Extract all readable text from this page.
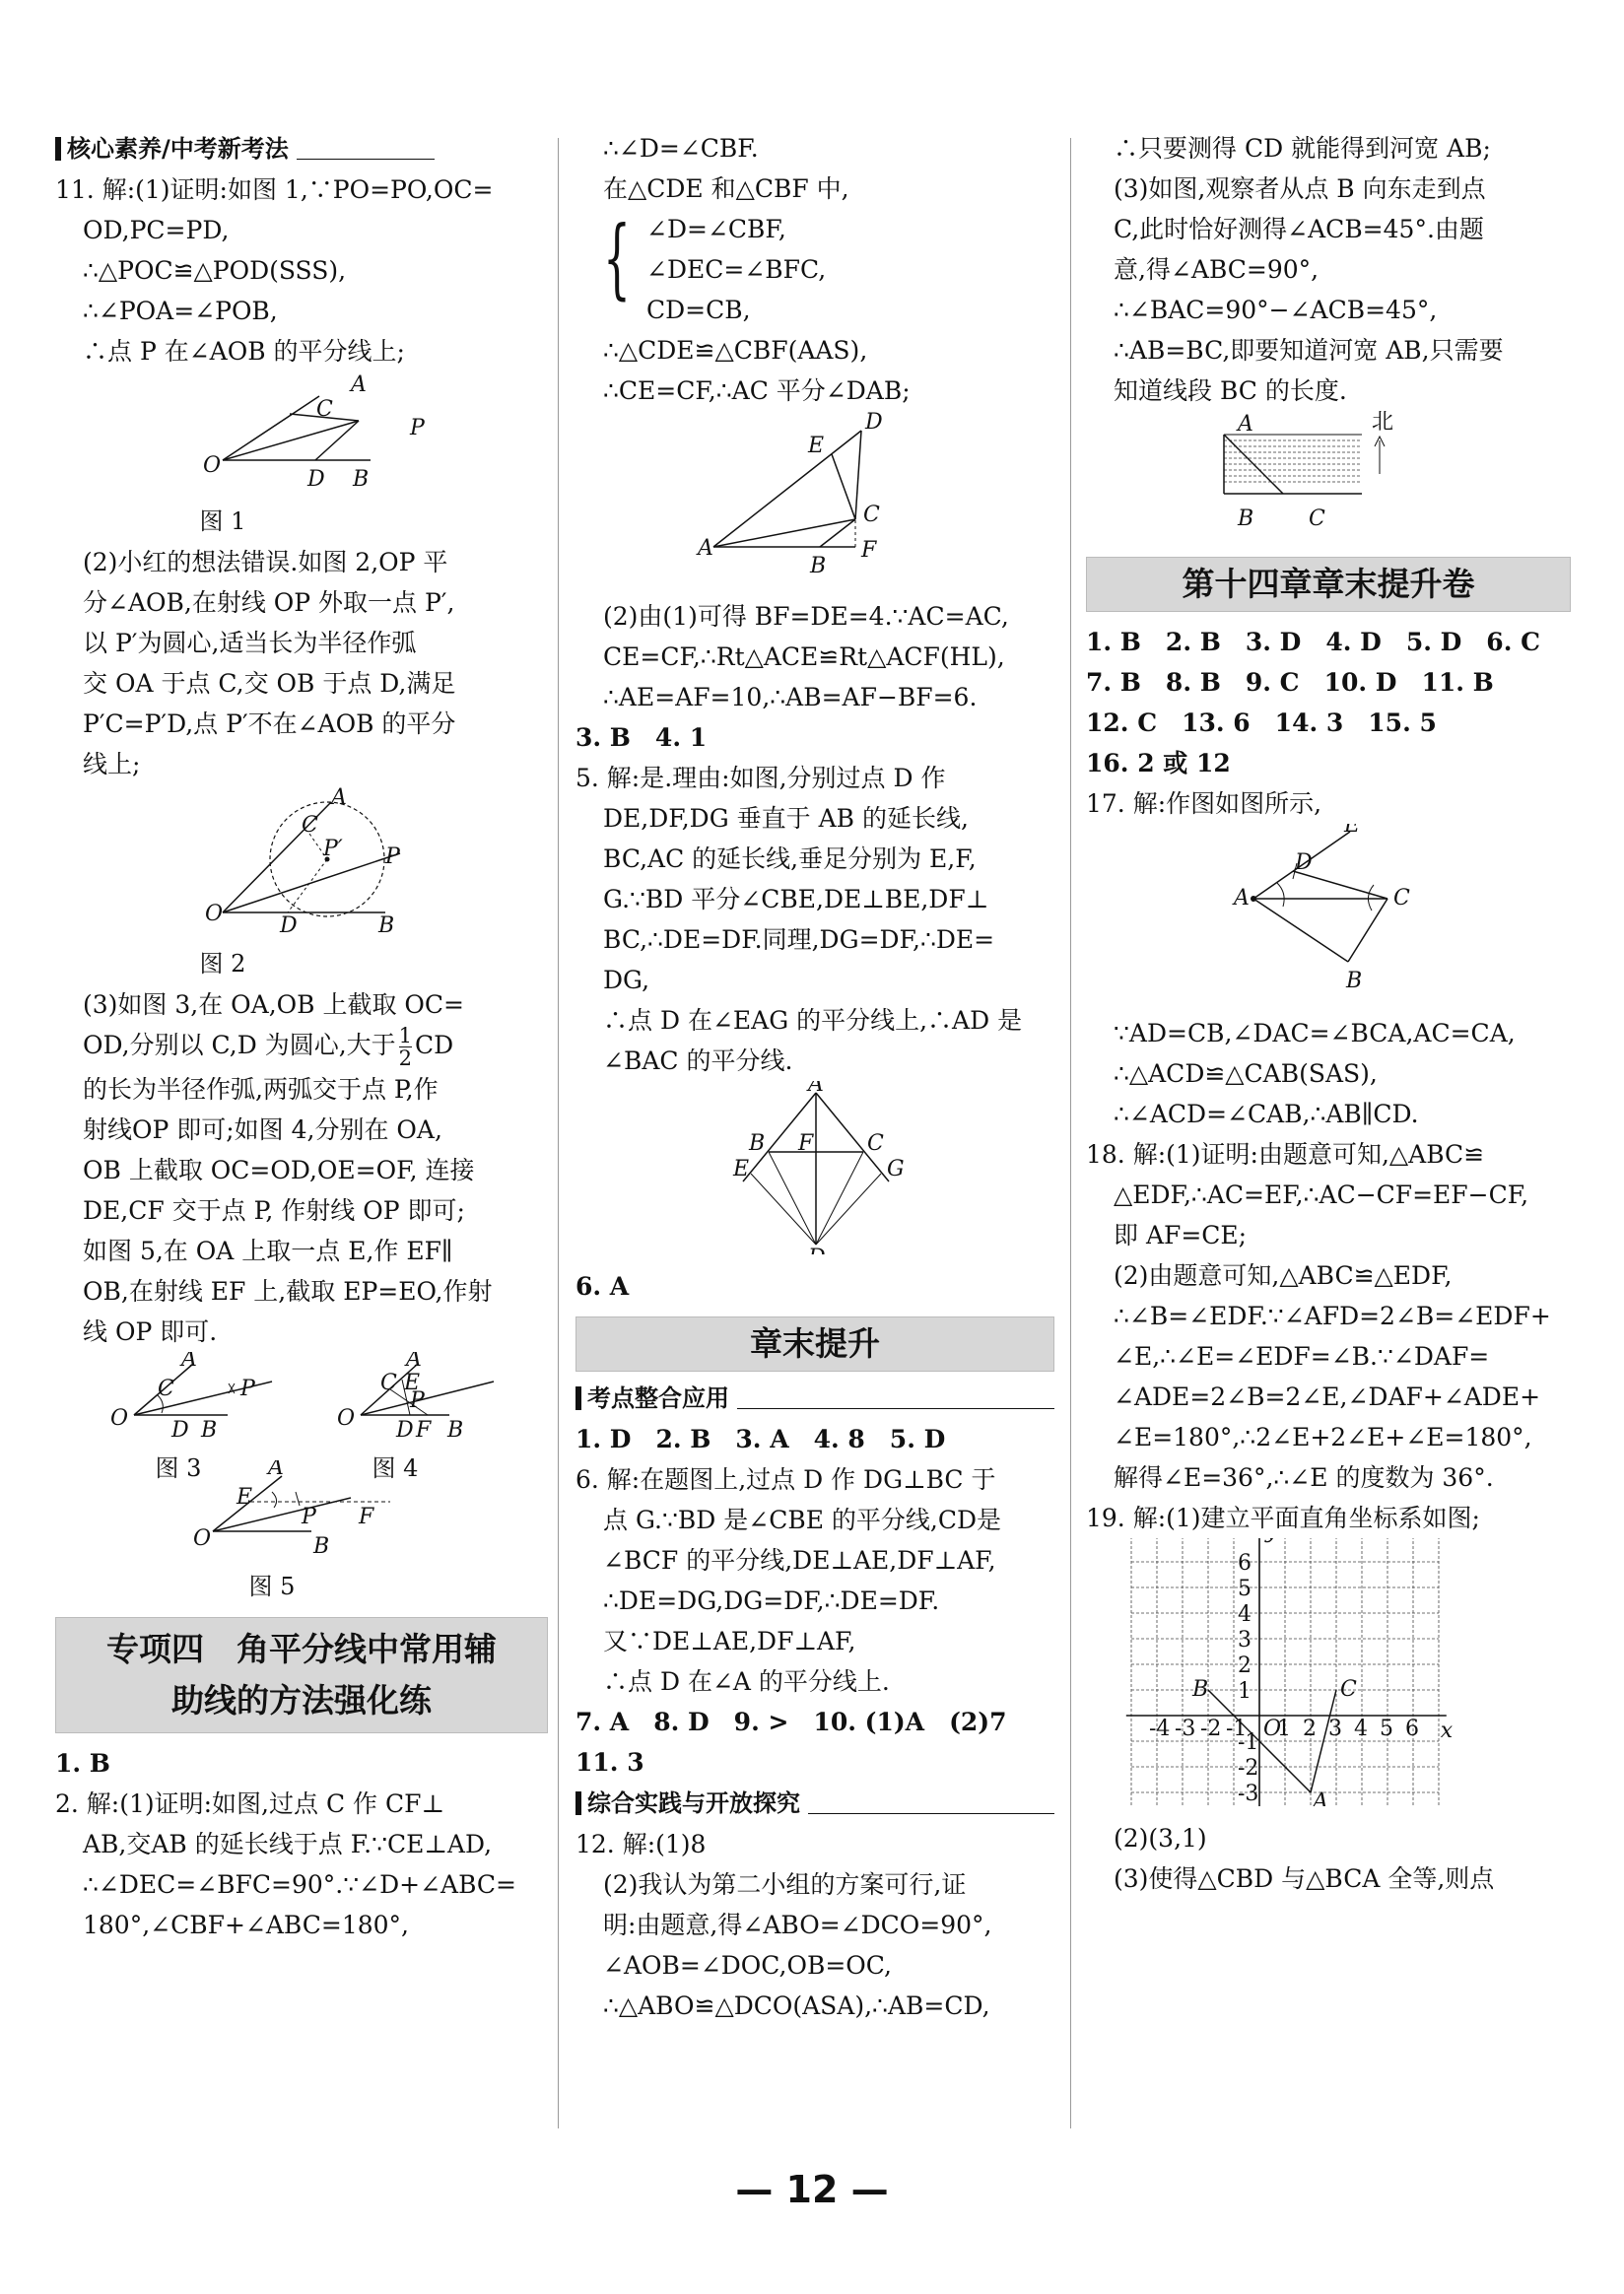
核心素养/中考新考法
11. 解:(1)证明:如图 1,∵PO=PO,OC=
OD,PC=PD,
∴△POC≌△POD(SSS),
∴∠POA=∠POB,
∴点 P 在∠AOB 的平分线上;
A
C
P
O
D B
图 1
(2)小红的想法错误.如图 2,OP 平
分∠AOB,在射线 OP 外取一点 P′,
以 P′为圆心,适当长为半径作弧
交 OA 于点 C,交 OB 于点 D,满足
P′C=P′D,点 P′不在∠AOB 的平分
线上;
A
C
P′ P
O	D	B
图 2
(3)如图 3,在 OA,OB 上截取 OC=
OD,分别以 C,D 为圆心,大于 $\frac{1}{2}$ CD
的长为半径作弧,两弧交于点 P,作
射线OP 即可;如图 4,分别在 OA,
OB 上截取 OC=OD,OE=OF, 连接
DE,CF 交于点 P, 作射线 OP 即可;
如图 5,在 OA 上取一点 E,作 EF∥
OB,在射线 EF 上,截取 EP=EO,作射
线 OP 即可.
A
C	P
O D B
A
C E
P
O D F B
图 3	图 4
A
E
P F
O	B
图 5
专项四　角平分线中常用辅
助线的方法强化练
1. B
2. 解:(1)证明:如图,过点 C 作 CF⊥
AB,交AB 的延长线于点 F.∵CE⊥AD,
∴∠DEC=∠BFC=90°.∵∠D+∠ABC=
180°,∠CBF+∠ABC=180°,
∴∠D=∠CBF.
在△CDE 和△CBF 中,
{ ∠D=∠CBF,
∠DEC=∠BFC,
CD=CB,
∴△CDE≌△CBF(AAS),
∴CE=CF,∴AC 平分∠DAB;
D
E
C
A
B
F
(2)由(1)可得 BF=DE=4.∵AC=AC,
CE=CF,∴Rt△ACE≌Rt△ACF(HL),
∴AE=AF=10,∴AB=AF−BF=6.
3. B　4. 1
5. 解:是.理由:如图,分别过点 D 作
DE,DF,DG 垂直于 AB 的延长线,
BC,AC 的延长线,垂足分别为 E,F,
G.∵BD 平分∠CBE,DE⊥BE,DF⊥
BC,∴DE=DF.同理,DG=DF,∴DE=
DG,
∴点 D 在∠EAG 的平分线上,∴AD 是
∠BAC 的平分线.
A
B	C
F
E	G
6. A
章末提升
考点整合应用
1. D　2. B　3. A　4. 8　5. D
6. 解:在题图上,过点 D 作 DG⊥BC 于
点 G.∵BD 是∠CBE 的平分线,CD是
∠BCF 的平分线,DE⊥AE,DF⊥AF,
∴DE=DG,DG=DF,∴DE=DF.
又∵DE⊥AE,DF⊥AF,
∴点 D 在∠A 的平分线上.
7. A　8. D　9. >　10. (1)A　(2)7
11. 3
综合实践与开放探究
12. 解:(1)8
(2)我认为第二小组的方案可行,证
明:由题意,得∠ABO=∠DCO=90°,
∠AOB=∠DOC,OB=OC,
∴△ABO≌△DCO(ASA),∴AB=CD,
∴只要测得 CD 就能得到河宽 AB;
(3)如图,观察者从点 B 向东走到点
C,此时恰好测得∠ACB=45°.由题
意,得∠ABC=90°,
∴∠BAC=90°−∠ACB=45°,
∴AB=BC,即要知道河宽 AB,只需要
知道线段 BC 的长度.
A
B	C
北
第十四章章末提升卷
1. B　2. B　3. D　4. D　5. D　6. C
7. B　8. B　9. C　10. D　11. B
12. C　13. 6　14. 3　15. 5
16. 2 或 12
17. 解:作图如图所示,
E
D
A	C
B
∵AD=CB,∠DAC=∠BCA,AC=CA,
∴△ACD≌△CAB(SAS),
∴∠ACD=∠CAB,∴AB∥CD.
18. 解:(1)证明:由题意可知,△ABC≌
△EDF,∴AC=EF,∴AC−CF=EF−CF,
即 AF=CE;
(2)由题意可知,△ABC≌△EDF,
∴∠B=∠EDF.∵∠AFD=2∠B=∠EDF+
∠E,∴∠E=∠EDF=∠B.∵∠DAF=
∠ADE=2∠B=2∠E,∠DAF+∠ADE+
∠E=180°,∴2∠E+2∠E+∠E=180°,
解得∠E=36°,∴∠E 的度数为 36°.
19. 解:(1)建立平面直角坐标系如图;
-4 -3 -2 -1 1 2 3 4 5 6
6
5
4
3
2
1
-1
-2
-3
O	x
B	C
A
(2)(3,1)
(3)使得△CBD 与△BCA 全等,则点
— 12 —
